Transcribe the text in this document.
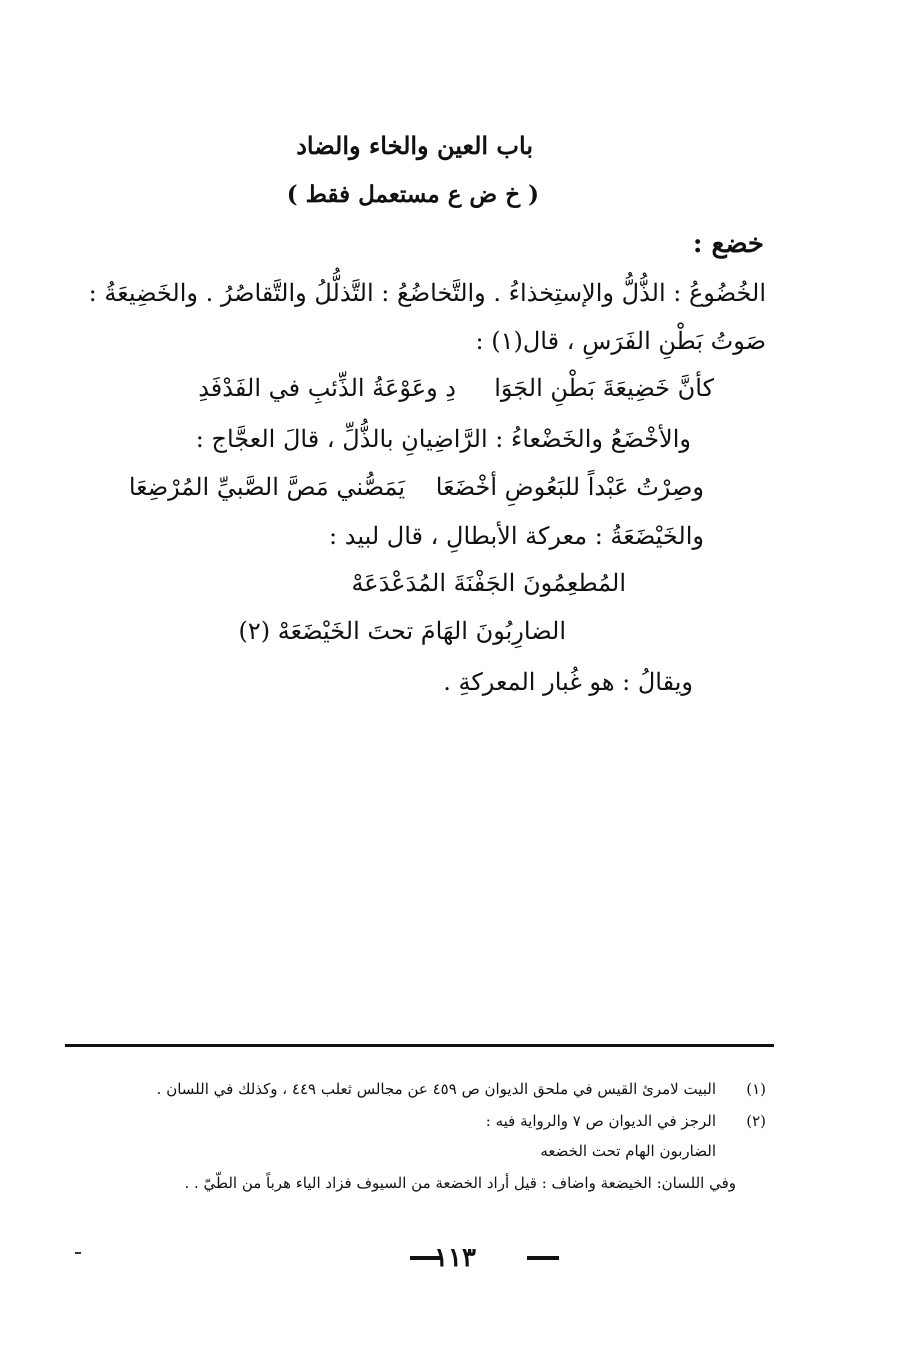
باب العين والخاء والضاد
( خ ض ع مستعمل فقط )
خضع :
الخُضُوعُ : الذُّلُّ والإستِخذاءُ . والتَّخاضُعُ : التَّذلُّلُ والتَّقاصُرُ . والخَضِيعَةُ :
صَوتُ بَطْنِ الفَرَسِ ، قال(١) :
كأنَّ خَضِيعَةَ بَطْنِ الجَوَا
دِ وعَوْعَةُ الذِّئبِ في الفَدْفَدِ
والأخْضَعُ والخَضْعاءُ : الرَّاضِيانِ بالذُّلِّ ، قالَ العجَّاج :
وصِرْتُ عَبْداً للبَعُوضِ أخْضَعَا
يَمَصُّني مَصَّ الصَّبيِّ المُرْضِعَا
والخَيْضَعَةُ : معركة الأبطالِ ، قال لبيد :
المُطعِمُونَ الجَفْنَةَ المُدَعْدَعَهْ
الضارِبُونَ الهَامَ تحتَ الخَيْضَعَهْ (٢)
ويقالُ : هو غُبار المعركةِ .
(١)
البيت لامرئ القيس في ملحق الديوان ص ٤٥٩ عن مجالس ثعلب ٤٤٩ ، وكذلك في اللسان .
(٢)
الرجز في الديوان ص ٧ والرواية فيه :
الضاربون الهام تحت الخضعه
وفي اللسان: الخيضعة واضاف : قيل أراد الخضعة من السيوف فزاد الياء هرباً من الطّيّ . .
١١٣
